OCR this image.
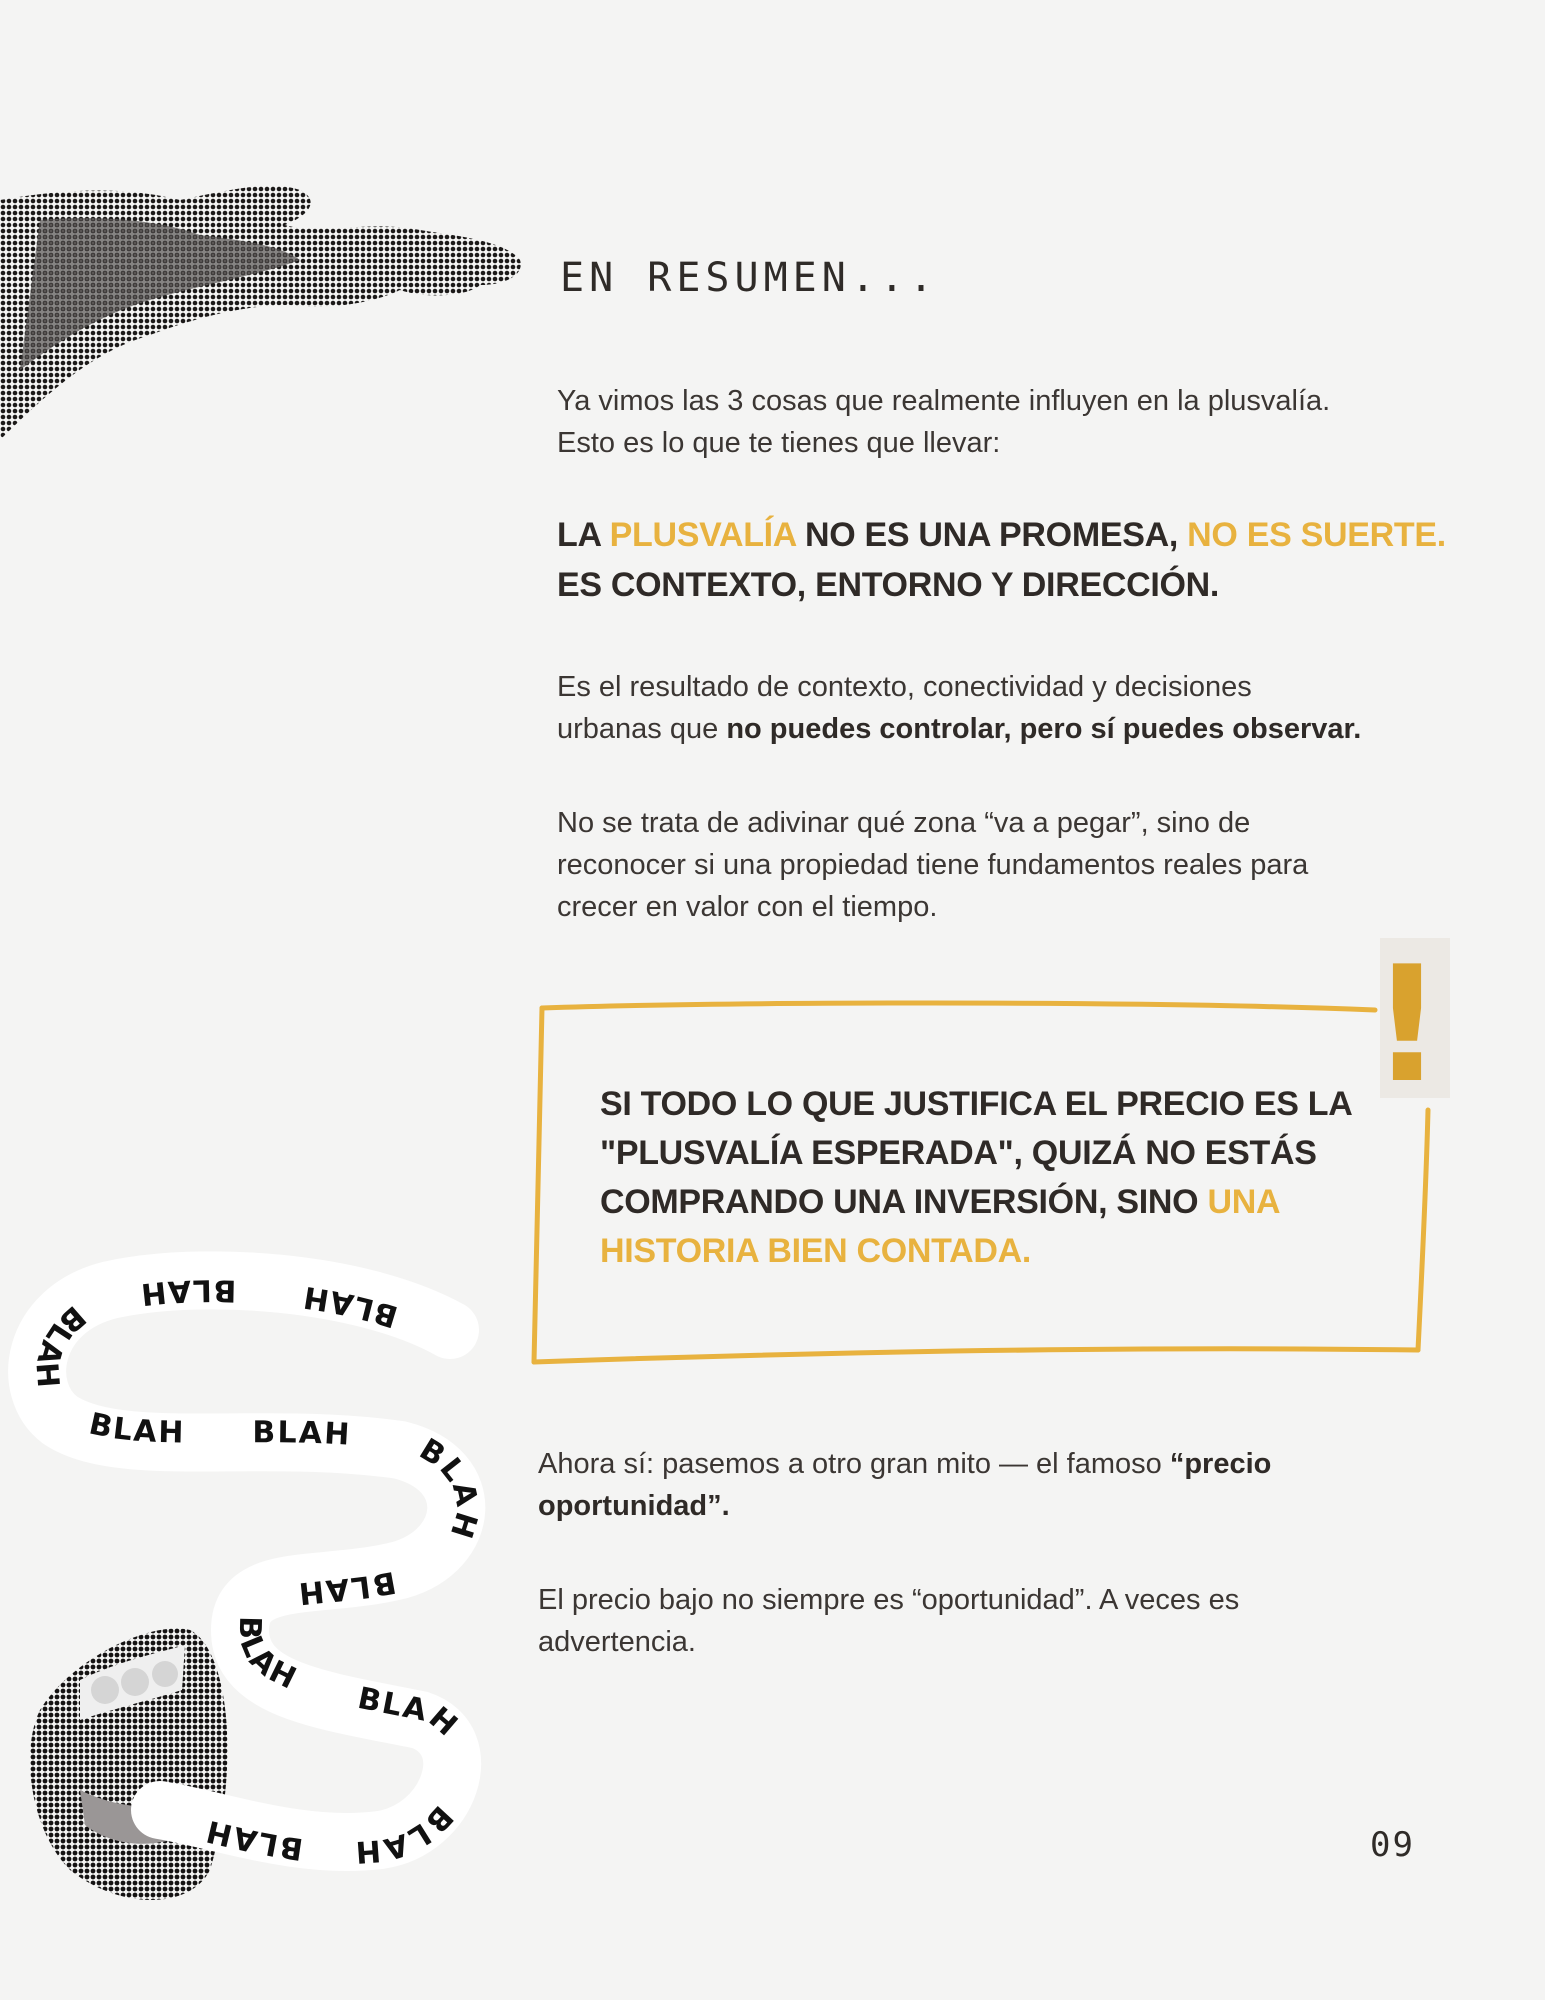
EN RESUMEN...
Ya vimos las 3 cosas que realmente influyen en la plusvalía.
Esto es lo que te tienes que llevar:
LA PLUSVALÍA NO ES UNA PROMESA, NO ES SUERTE.
ES CONTEXTO, ENTORNO Y DIRECCIÓN.
Es el resultado de contexto, conectividad y decisiones
urbanas que no puedes controlar, pero sí puedes observar.
No se trata de adivinar qué zona “va a pegar”, sino de
reconocer si una propiedad tiene fundamentos reales para
crecer en valor con el tiempo.
!
SI TODO LO QUE JUSTIFICA EL PRECIO ES LA
"PLUSVALÍA ESPERADA", QUIZÁ NO ESTÁS
COMPRANDO UNA INVERSIÓN, SINO UNA
HISTORIA BIEN CONTADA.
Ahora sí: pasemos a otro gran mito — el famoso “precio
oportunidad”.
El precio bajo no siempre es “oportunidad”. A veces es
advertencia.
BLAH
BLAH
BLAH
BLAH BLAH BLAH
BLAH
BLAH
BLAH
BLAH
BLAH	09
